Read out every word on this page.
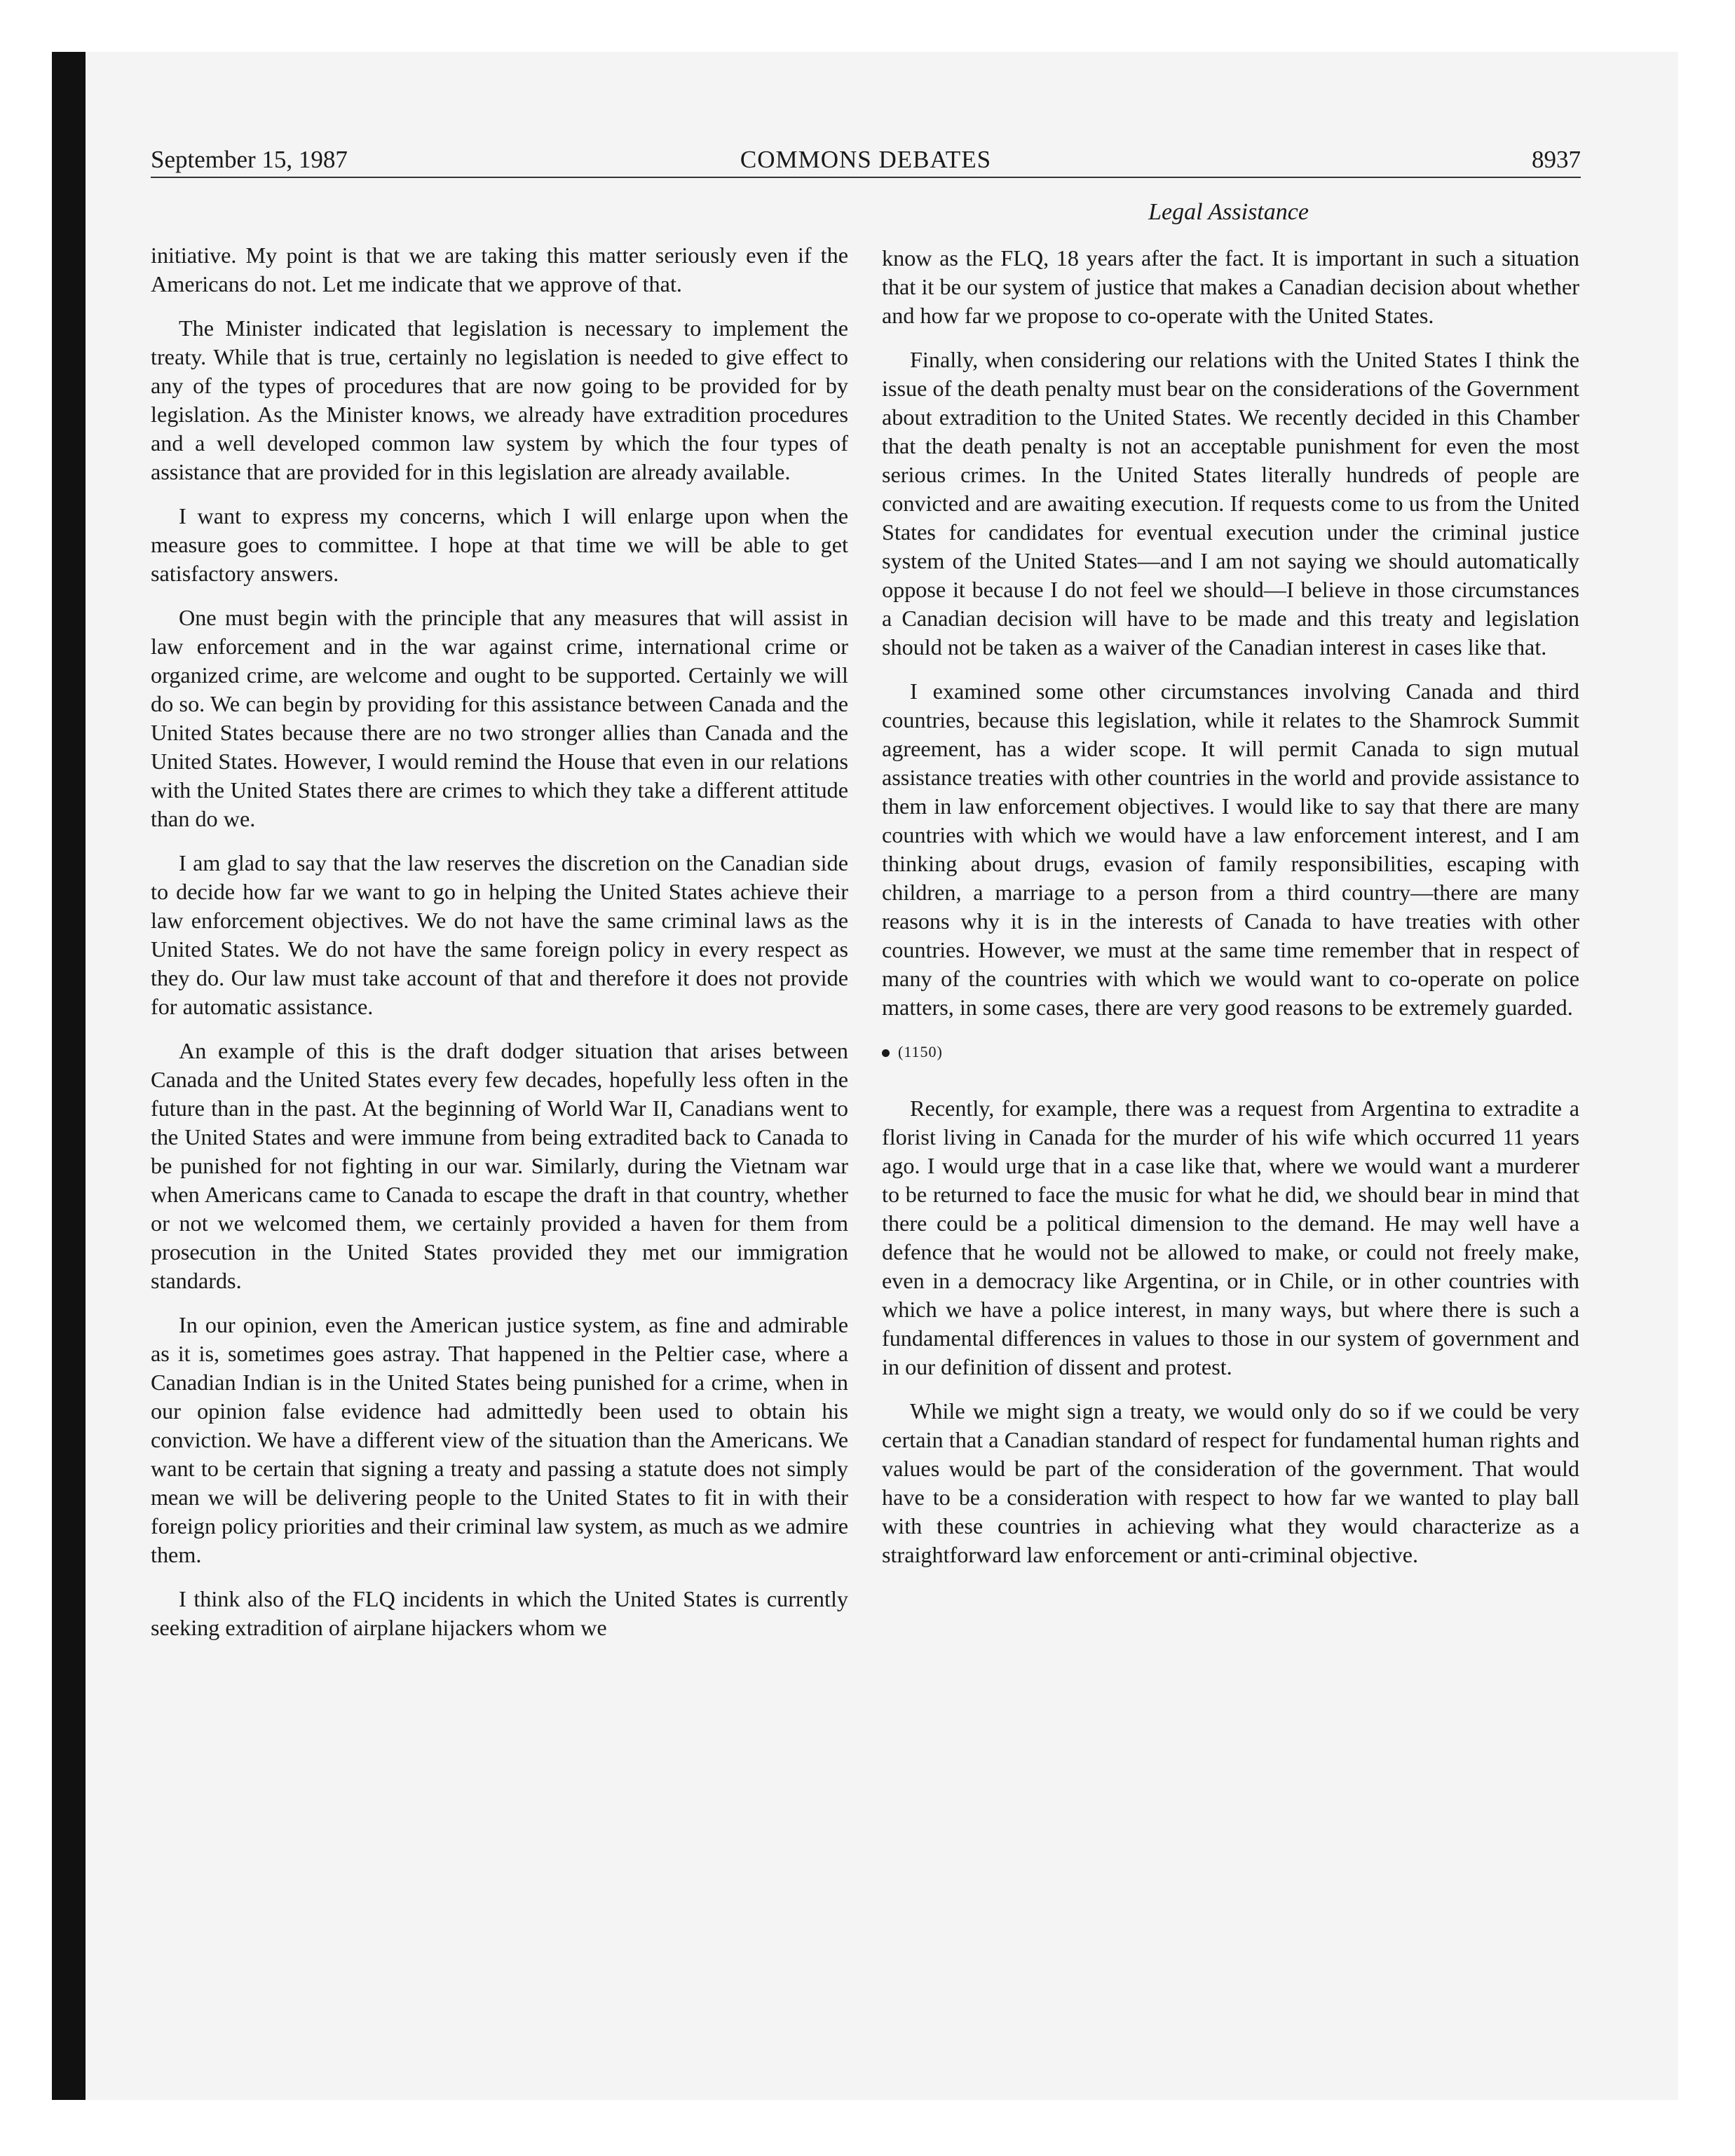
September 15, 1987	COMMONS DEBATES	8937
Legal Assistance

initiative. My point is that we are taking this matter seriously even if the Americans do not. Let me indicate that we approve of that.

The Minister indicated that legislation is necessary to implement the treaty. While that is true, certainly no legislation is needed to give effect to any of the types of procedures that are now going to be provided for by legislation. As the Minister knows, we already have extradition procedures and a well developed common law system by which the four types of assistance that are provided for in this legislation are already available.

I want to express my concerns, which I will enlarge upon when the measure goes to committee. I hope at that time we will be able to get satisfactory answers.

One must begin with the principle that any measures that will assist in law enforcement and in the war against crime, international crime or organized crime, are welcome and ought to be supported. Certainly we will do so. We can begin by providing for this assistance between Canada and the United States because there are no two stronger allies than Canada and the United States. However, I would remind the House that even in our relations with the United States there are crimes to which they take a different attitude than do we.

I am glad to say that the law reserves the discretion on the Canadian side to decide how far we want to go in helping the United States achieve their law enforcement objectives. We do not have the same criminal laws as the United States. We do not have the same foreign policy in every respect as they do. Our law must take account of that and therefore it does not provide for automatic assistance.

An example of this is the draft dodger situation that arises between Canada and the United States every few decades, hopefully less often in the future than in the past. At the beginning of World War II, Canadians went to the United States and were immune from being extradited back to Canada to be punished for not fighting in our war. Similarly, during the Vietnam war when Americans came to Canada to escape the draft in that country, whether or not we welcomed them, we certainly provided a haven for them from prosecution in the United States provided they met our immigration standards.

In our opinion, even the American justice system, as fine and admirable as it is, sometimes goes astray. That happened in the Peltier case, where a Canadian Indian is in the United States being punished for a crime, when in our opinion false evidence had admittedly been used to obtain his conviction. We have a different view of the situation than the Americans. We want to be certain that signing a treaty and passing a statute does not simply mean we will be delivering people to the United States to fit in with their foreign policy priorities and their criminal law system, as much as we admire them.

I think also of the FLQ incidents in which the United States is currently seeking extradition of airplane hijackers whom we

know as the FLQ, 18 years after the fact. It is important in such a situation that it be our system of justice that makes a Canadian decision about whether and how far we propose to co-operate with the United States.

Finally, when considering our relations with the United States I think the issue of the death penalty must bear on the considerations of the Government about extradition to the United States. We recently decided in this Chamber that the death penalty is not an acceptable punishment for even the most serious crimes. In the United States literally hundreds of people are convicted and are awaiting execution. If requests come to us from the United States for candidates for eventual execution under the criminal justice system of the United States—and I am not saying we should automatically oppose it because I do not feel we should—I believe in those circumstances a Canadian decision will have to be made and this treaty and legislation should not be taken as a waiver of the Canadian interest in cases like that.

I examined some other circumstances involving Canada and third countries, because this legislation, while it relates to the Shamrock Summit agreement, has a wider scope. It will permit Canada to sign mutual assistance treaties with other countries in the world and provide assistance to them in law enforcement objectives. I would like to say that there are many countries with which we would have a law enforcement interest, and I am thinking about drugs, evasion of family responsibilities, escaping with children, a marriage to a person from a third country—there are many reasons why it is in the interests of Canada to have treaties with other countries. However, we must at the same time remember that in respect of many of the countries with which we would want to co-operate on police matters, in some cases, there are very good reasons to be extremely guarded.

(1150)

Recently, for example, there was a request from Argentina to extradite a florist living in Canada for the murder of his wife which occurred 11 years ago. I would urge that in a case like that, where we would want a murderer to be returned to face the music for what he did, we should bear in mind that there could be a political dimension to the demand. He may well have a defence that he would not be allowed to make, or could not freely make, even in a democracy like Argentina, or in Chile, or in other countries with which we have a police interest, in many ways, but where there is such a fundamental differences in values to those in our system of government and in our definition of dissent and protest.

While we might sign a treaty, we would only do so if we could be very certain that a Canadian standard of respect for fundamental human rights and values would be part of the consideration of the government. That would have to be a consideration with respect to how far we wanted to play ball with these countries in achieving what they would characterize as a straightforward law enforcement or anti-criminal objective.
